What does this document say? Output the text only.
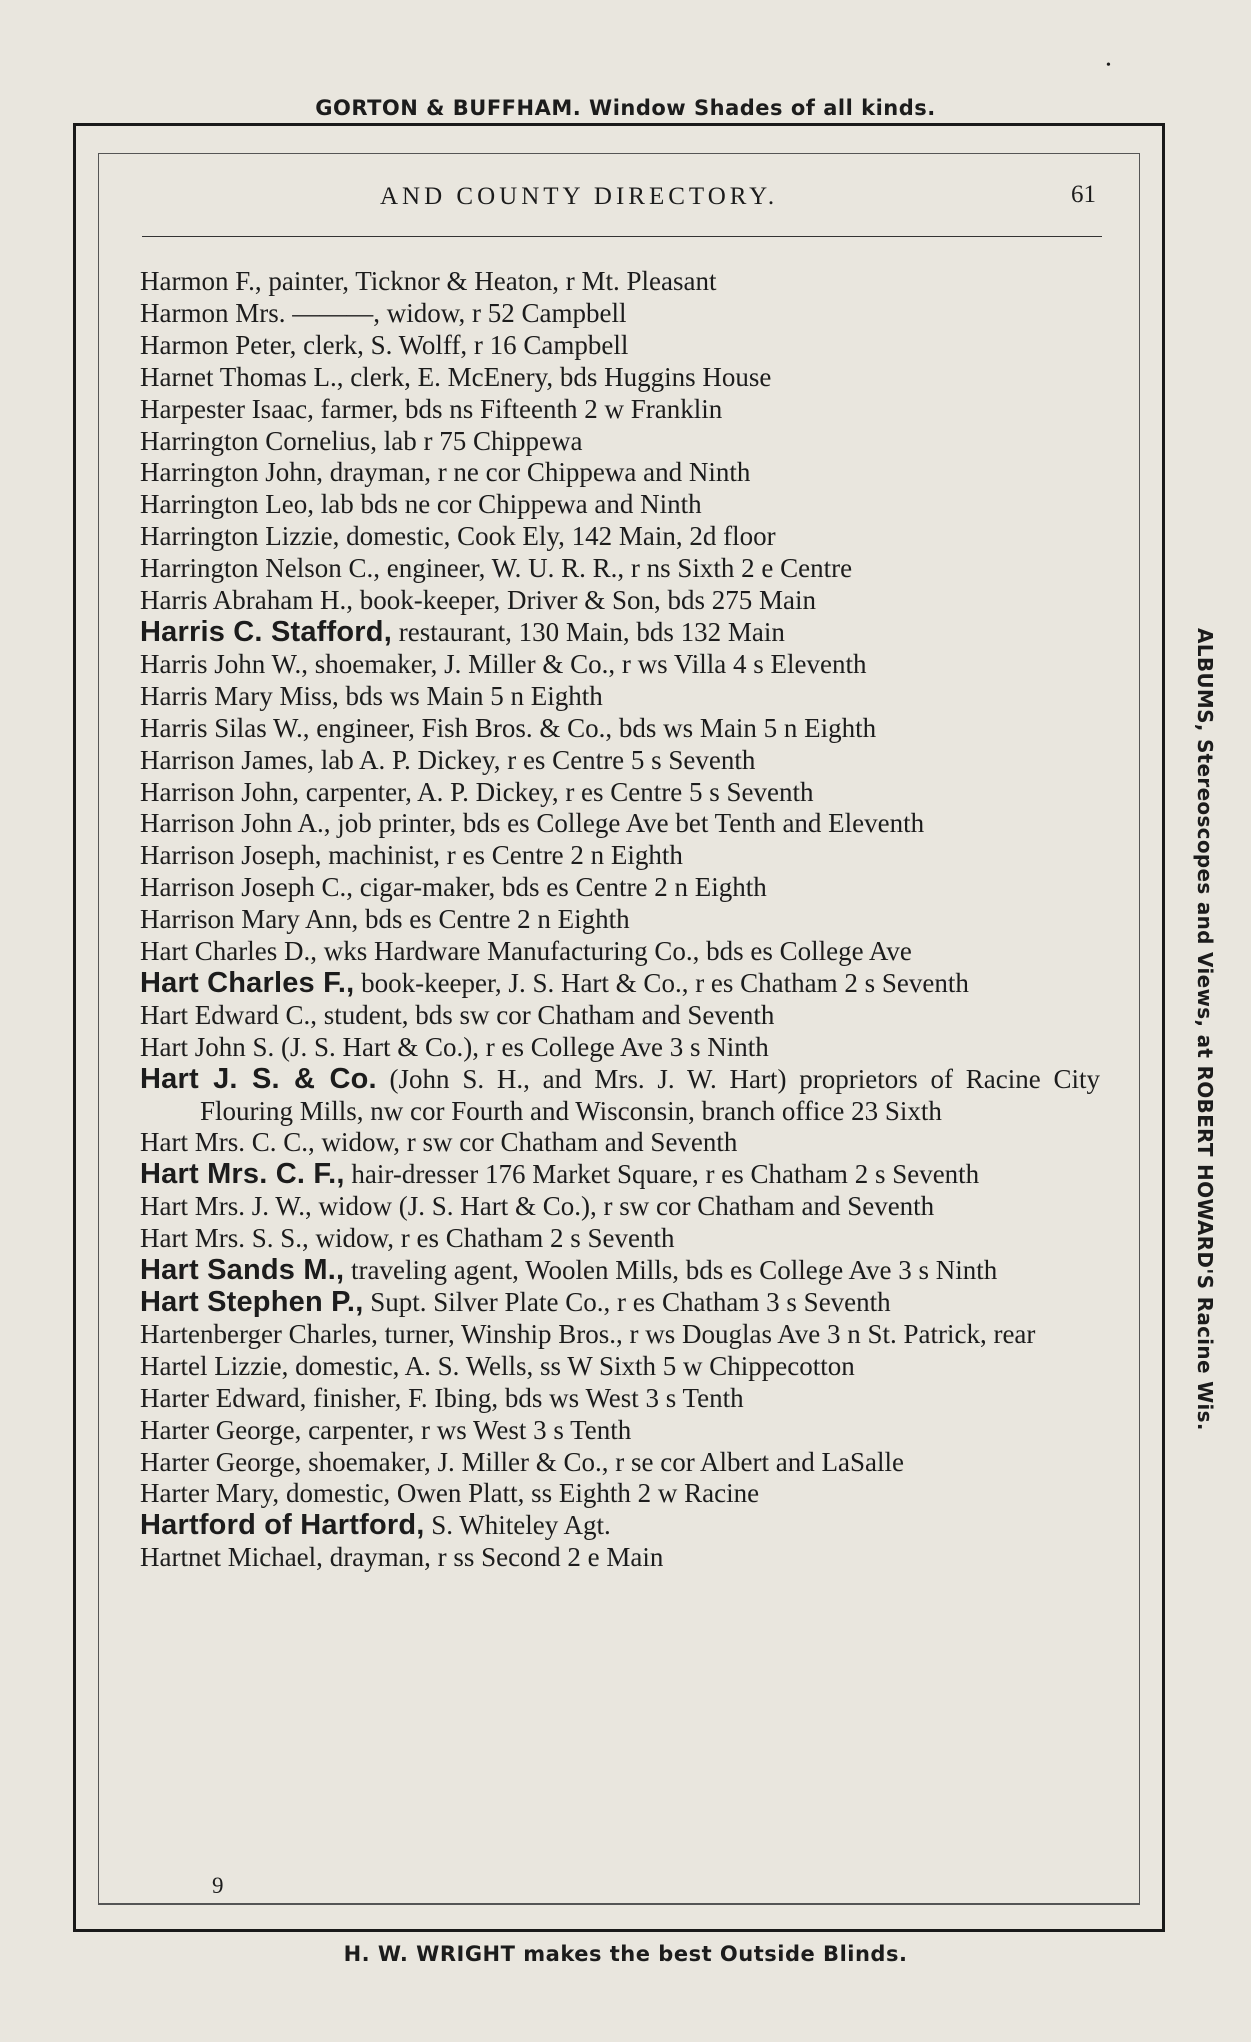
•
GORTON & BUFFHAM. Window Shades of all kinds.
AND COUNTY DIRECTORY.	61
Harmon F., painter, Ticknor & Heaton, r Mt. Pleasant
Harmon Mrs. ———, widow, r 52 Campbell
Harmon Peter, clerk, S. Wolff, r 16 Campbell
Harnet Thomas L., clerk, E. McEnery, bds Huggins House
Harpester Isaac, farmer, bds ns Fifteenth 2 w Franklin
Harrington Cornelius, lab r 75 Chippewa
Harrington John, drayman, r ne cor Chippewa and Ninth
Harrington Leo, lab bds ne cor Chippewa and Ninth
Harrington Lizzie, domestic, Cook Ely, 142 Main, 2d floor
Harrington Nelson C., engineer, W. U. R. R., r ns Sixth 2 e Centre
Harris Abraham H., book-keeper, Driver & Son, bds 275 Main
Harris C. Stafford, restaurant, 130 Main, bds 132 Main
Harris John W., shoemaker, J. Miller & Co., r ws Villa 4 s Eleventh
Harris Mary Miss, bds ws Main 5 n Eighth
Harris Silas W., engineer, Fish Bros. & Co., bds ws Main 5 n Eighth
Harrison James, lab A. P. Dickey, r es Centre 5 s Seventh
Harrison John, carpenter, A. P. Dickey, r es Centre 5 s Seventh
Harrison John A., job printer, bds es College Ave bet Tenth and Eleventh
Harrison Joseph, machinist, r es Centre 2 n Eighth
Harrison Joseph C., cigar-maker, bds es Centre 2 n Eighth
Harrison Mary Ann, bds es Centre 2 n Eighth
Hart Charles D., wks Hardware Manufacturing Co., bds es College Ave
Hart Charles F., book-keeper, J. S. Hart & Co., r es Chatham 2 s Seventh
Hart Edward C., student, bds sw cor Chatham and Seventh
Hart John S. (J. S. Hart & Co.), r es College Ave 3 s Ninth
Hart J. S. & Co. (John S. H., and Mrs. J. W. Hart) proprietors of Racine City Flouring Mills, nw cor Fourth and Wisconsin, branch office 23 Sixth
Hart Mrs. C. C., widow, r sw cor Chatham and Seventh
Hart Mrs. C. F., hair-dresser 176 Market Square, r es Chatham 2 s Seventh
Hart Mrs. J. W., widow (J. S. Hart & Co.), r sw cor Chatham and Seventh
Hart Mrs. S. S., widow, r es Chatham 2 s Seventh
Hart Sands M., traveling agent, Woolen Mills, bds es College Ave 3 s Ninth
Hart Stephen P., Supt. Silver Plate Co., r es Chatham 3 s Seventh
Hartenberger Charles, turner, Winship Bros., r ws Douglas Ave 3 n St. Patrick, rear
Hartel Lizzie, domestic, A. S. Wells, ss W Sixth 5 w Chippecotton
Harter Edward, finisher, F. Ibing, bds ws West 3 s Tenth
Harter George, carpenter, r ws West 3 s Tenth
Harter George, shoemaker, J. Miller & Co., r se cor Albert and LaSalle
Harter Mary, domestic, Owen Platt, ss Eighth 2 w Racine
Hartford of Hartford, S. Whiteley Agt.
Hartnet Michael, drayman, r ss Second 2 e Main
9
ALBUMS, Stereoscopes and Views, at ROBERT HOWARD'S Racine Wis.
H. W. WRIGHT makes the best Outside Blinds.
